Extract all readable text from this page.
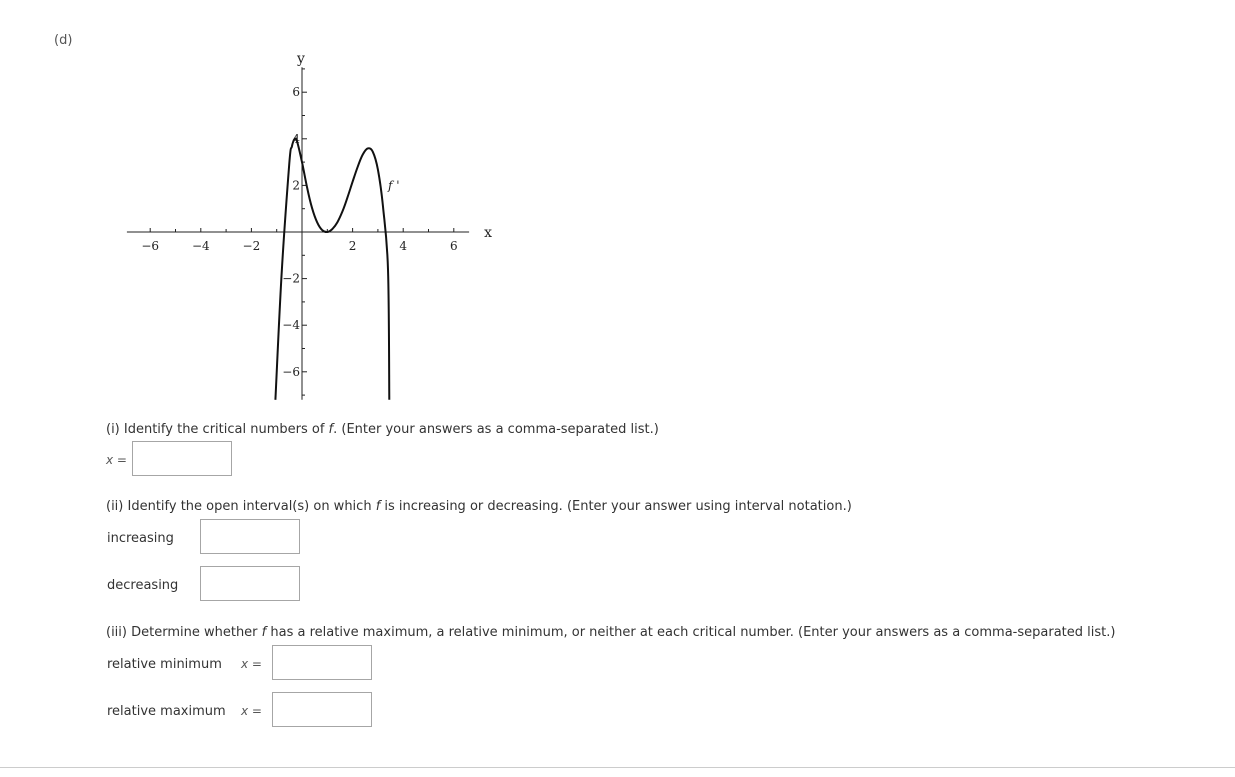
(d)
x
y
−6	−4	−2	2	4	6
6
4
2
−2
−4
−6
f '
(i) Identify the critical numbers of f. (Enter your answers as a comma-separated list.)
x =
(ii) Identify the open interval(s) on which f is increasing or decreasing. (Enter your answer using interval notation.)
increasing
decreasing
(iii) Determine whether f has a relative maximum, a relative minimum, or neither at each critical number. (Enter your answers as a comma-separated list.)
relative minimum x =
relative maximum x =
